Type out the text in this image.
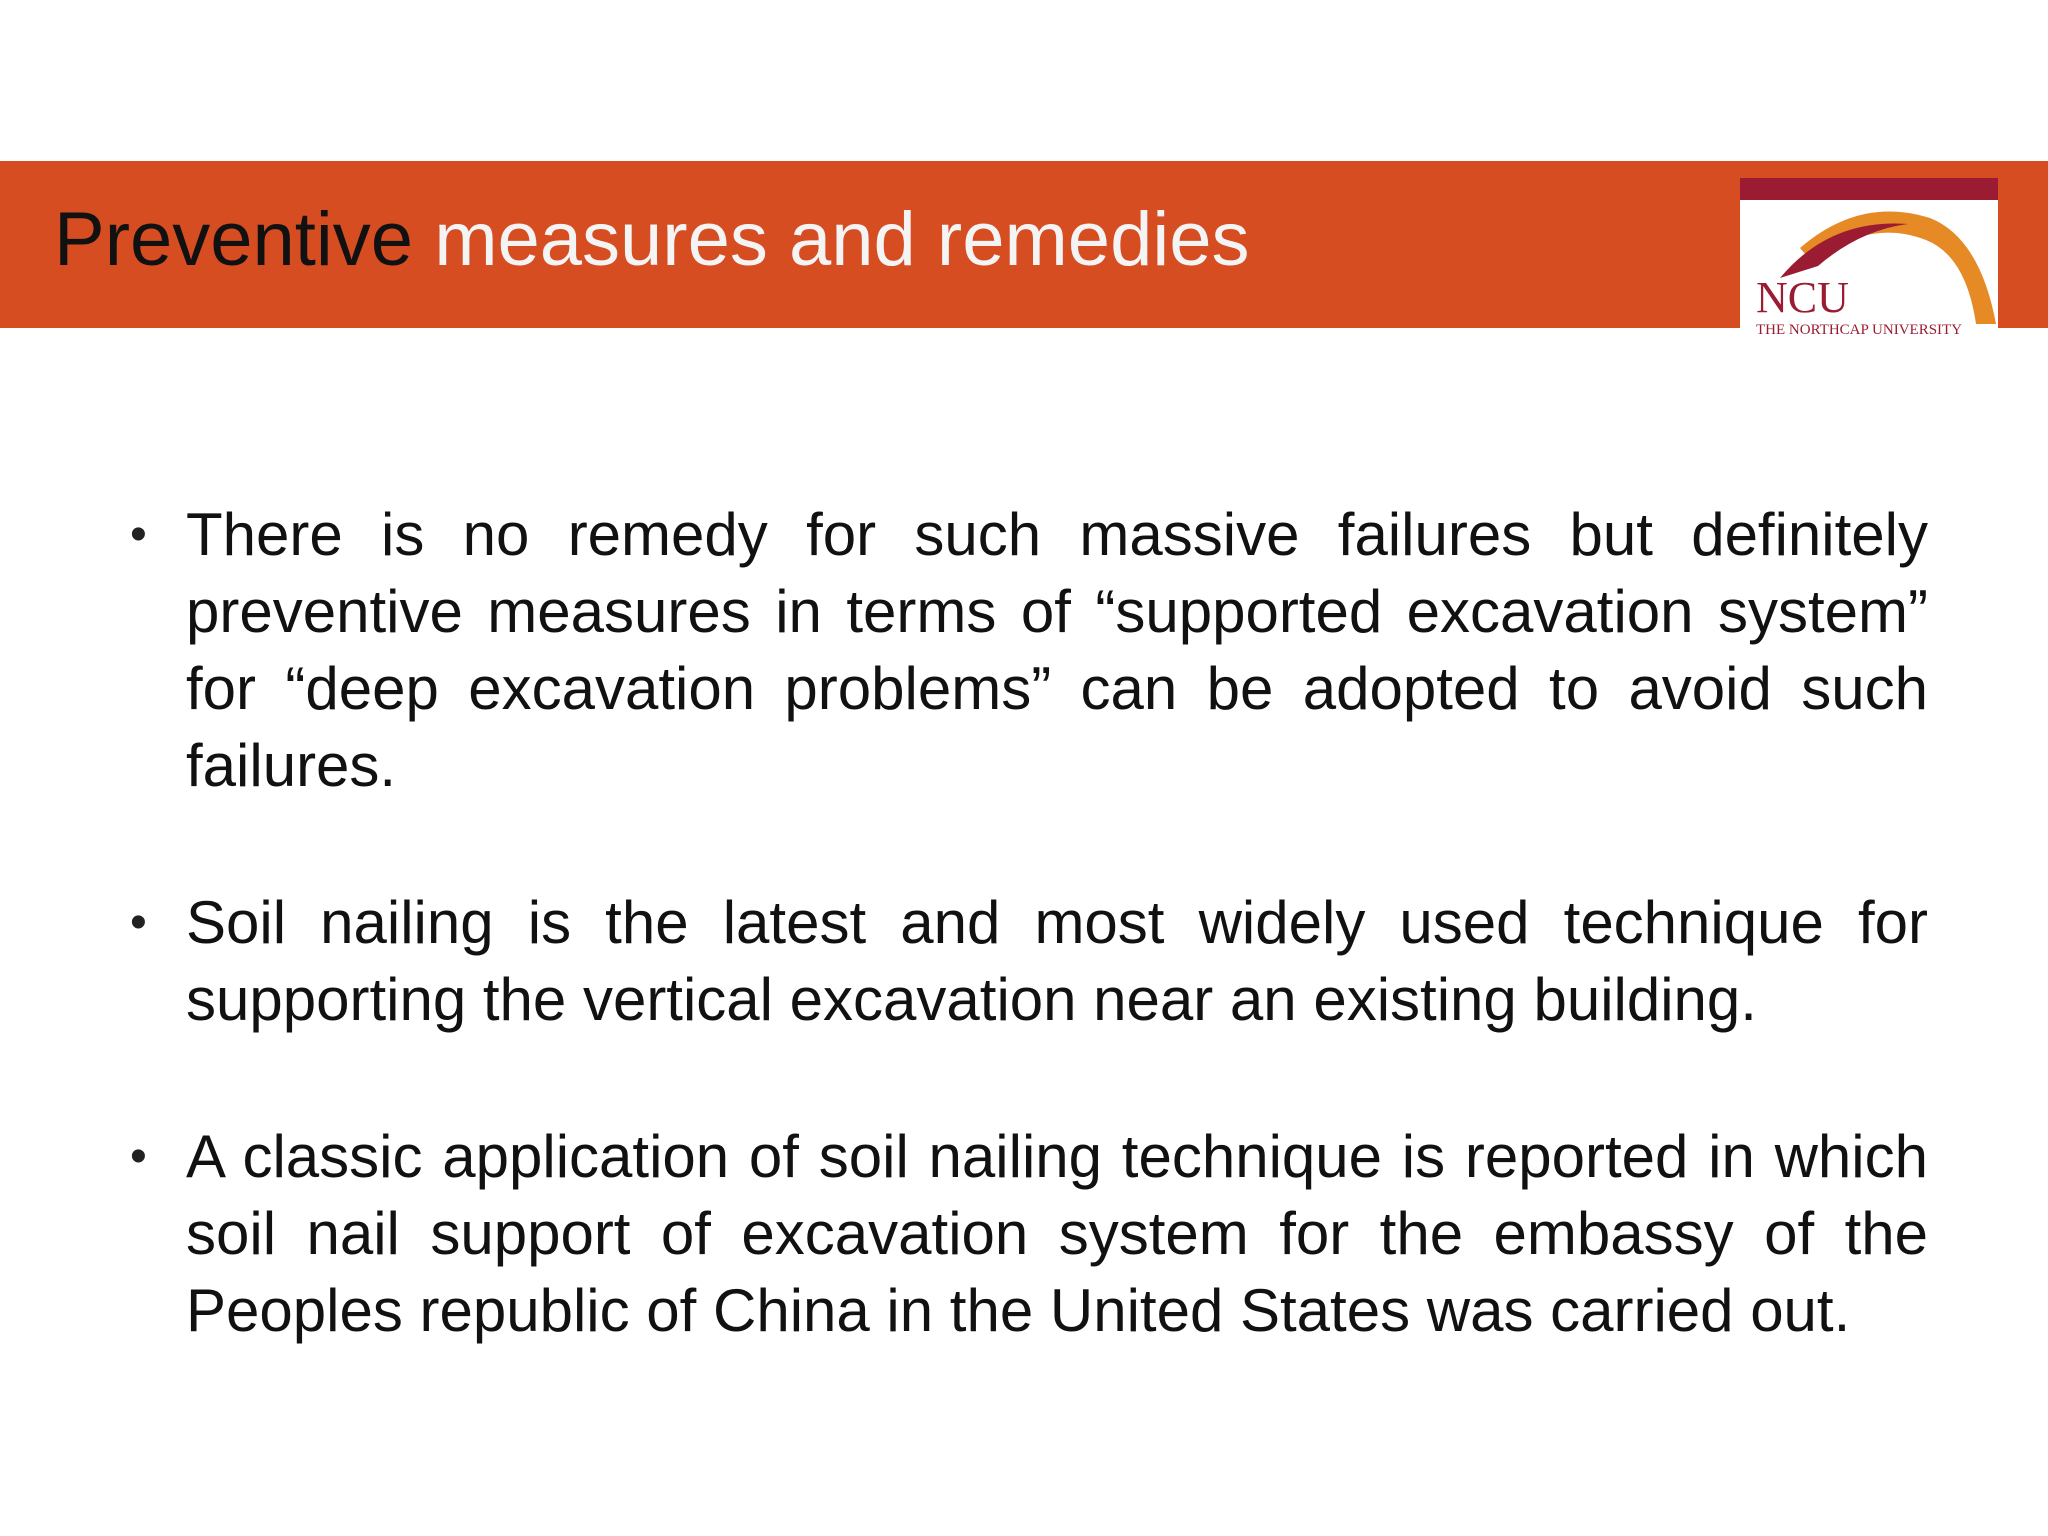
Preventive measures and remedies
NCU
THE NORTHCAP UNIVERSITY
• There is no remedy for such massive failures but definitely preventive measures in terms of “supported excavation system” for “deep excavation problems” can be adopted to avoid such failures.
• Soil nailing is the latest and most widely used technique for supporting the vertical excavation near an existing building.
• A classic application of soil nailing technique is reported in which soil nail support of excavation system for the embassy of the Peoples republic of China in the United States was carried out.
